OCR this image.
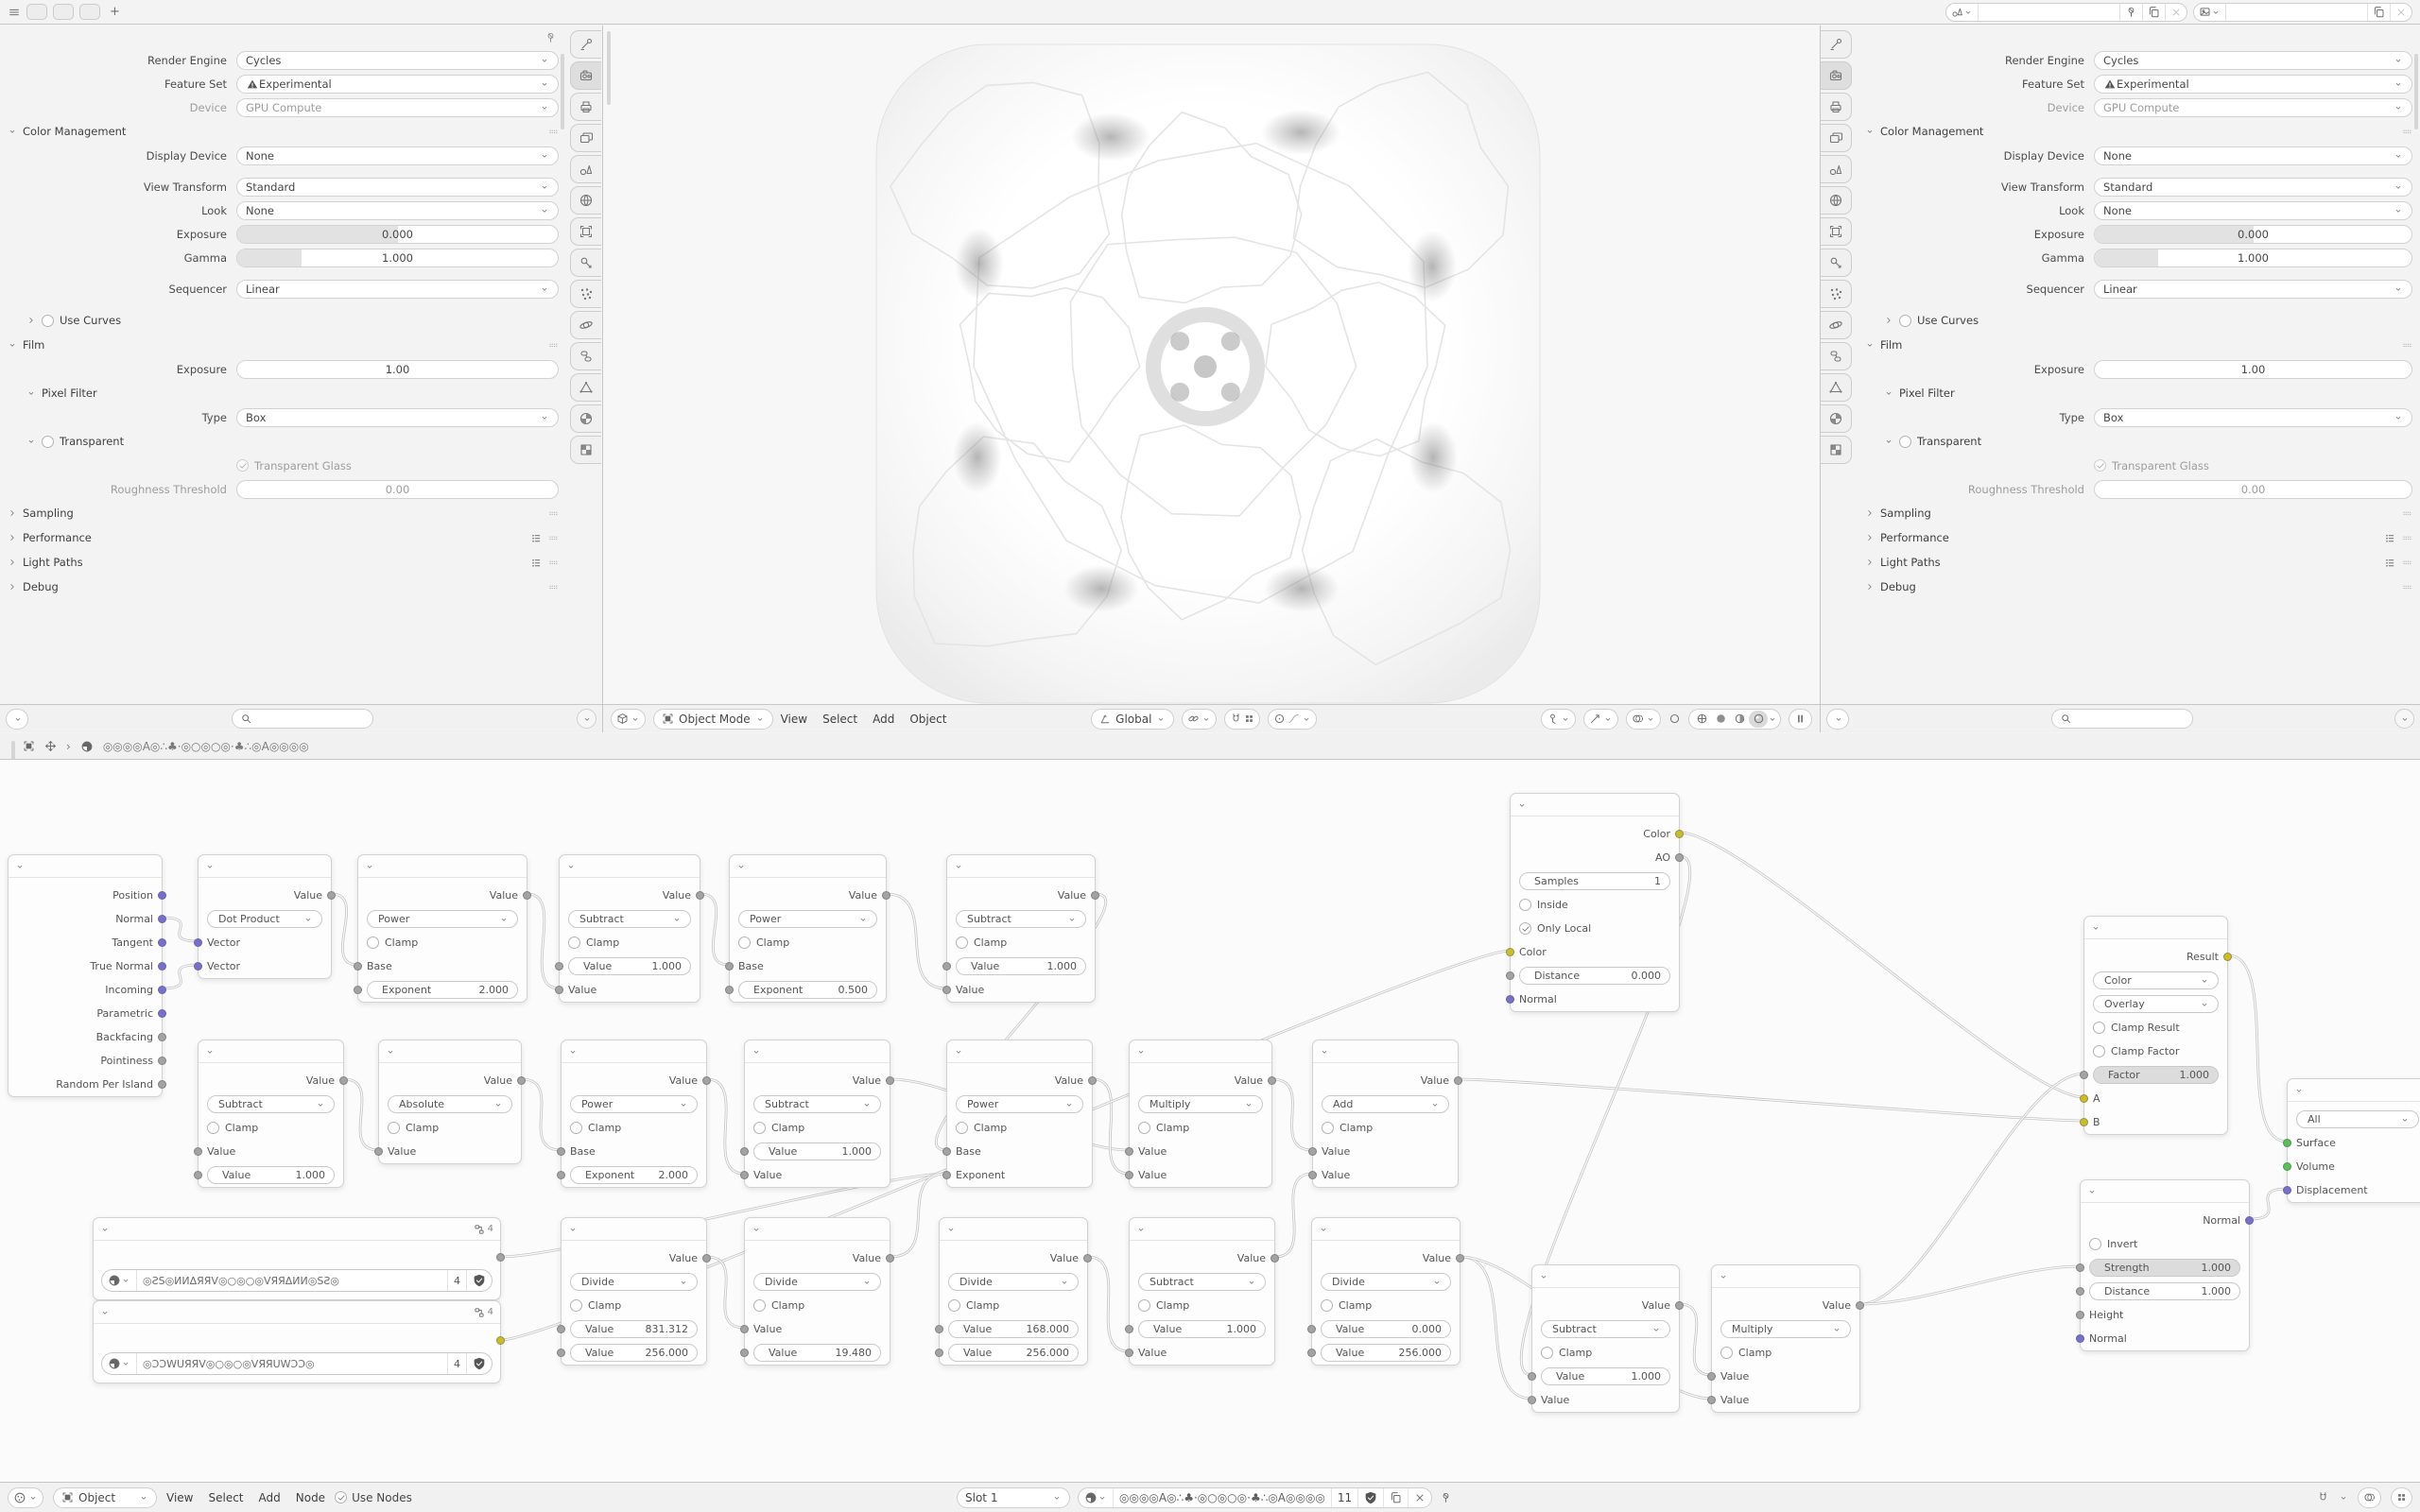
+
Render Engine	Cycles
Feature Set	Experimental
Device	GPU Compute
Color Management
Display Device	None
View Transform	Standard
Look	None
Exposure	0.000
Gamma	1.000
Sequencer	Linear
Use Curves
Film
Exposure	1.00
Pixel Filter
Type	Box
Transparent
Transparent Glass
Roughness Threshold	0.00
Sampling
Performance
Light Paths
Debug
Object Mode	View Select Add Object	Global
Render Engine	Cycles
Feature Set	Experimental
Device	GPU Compute
Color Management
Display Device	None
View Transform	Standard
Look	None
Exposure	0.000
Gamma	1.000
Sequencer	Linear
Use Curves
Film
Exposure	1.00
Pixel Filter
Type	Box
Transparent
Transparent Glass
Roughness Threshold	0.00
Sampling
Performance
Light Paths
Debug
›	◎◎◎◎A◎∴♣·◎○◎○◎·♣∴◎A◎◎◎◎
Position
Normal
Tangent
True Normal
Incoming
Parametric
Backfacing
Pointiness
Random Per Island
Value
Dot Product
Vector
Vector
Value
Power
Clamp
Base
Exponent	2.000
Value
Subtract
Clamp
Value	1.000
Value
Value
Power
Clamp
Base
Exponent	0.500
Value
Subtract
Clamp
Value	1.000
Value
Value
Subtract
Clamp
Value
Value	1.000
Value
Absolute
Clamp
Value
Value
Power
Clamp
Base
Exponent	2.000
Value
Subtract
Clamp
Value	1.000
Value
Value
Power
Clamp
Base
Exponent
Value
Multiply
Clamp
Value
Value
Value
Add
Clamp
Value
Value
Color
AO
Samples	1
Inside
Only Local
Color
Distance	0.000
Normal
4
◎ƧS◎ͶͶΔЯЯV◎○◎○◎VЯЯΔͶͶ◎SƧ◎	4
4
◎ƆƆWUЯЯV◎○◎○◎VЯЯUWƆƆ◎	4
Value
Divide
Clamp
Value	831.312
Value	256.000
Value
Divide
Clamp
Value
Value	19.480
Value
Divide
Clamp
Value	168.000
Value	256.000
Value
Subtract
Clamp
Value	1.000
Value
Value
Divide
Clamp
Value	0.000
Value	256.000
Value
Subtract
Clamp
Value	1.000
Value
Value
Multiply
Clamp
Value
Value
Result
Color
Overlay
Clamp Result
Clamp Factor
Factor	1.000
A
B	All
Surface
Volume
Displacement
Normal
Invert
Strength	1.000
Distance	1.000
Height
Normal
Object	View Select Add Node Use Nodes	Slot 1	◎◎◎◎A◎∴♣·◎○◎○◎·♣∴◎A◎◎◎◎	11
